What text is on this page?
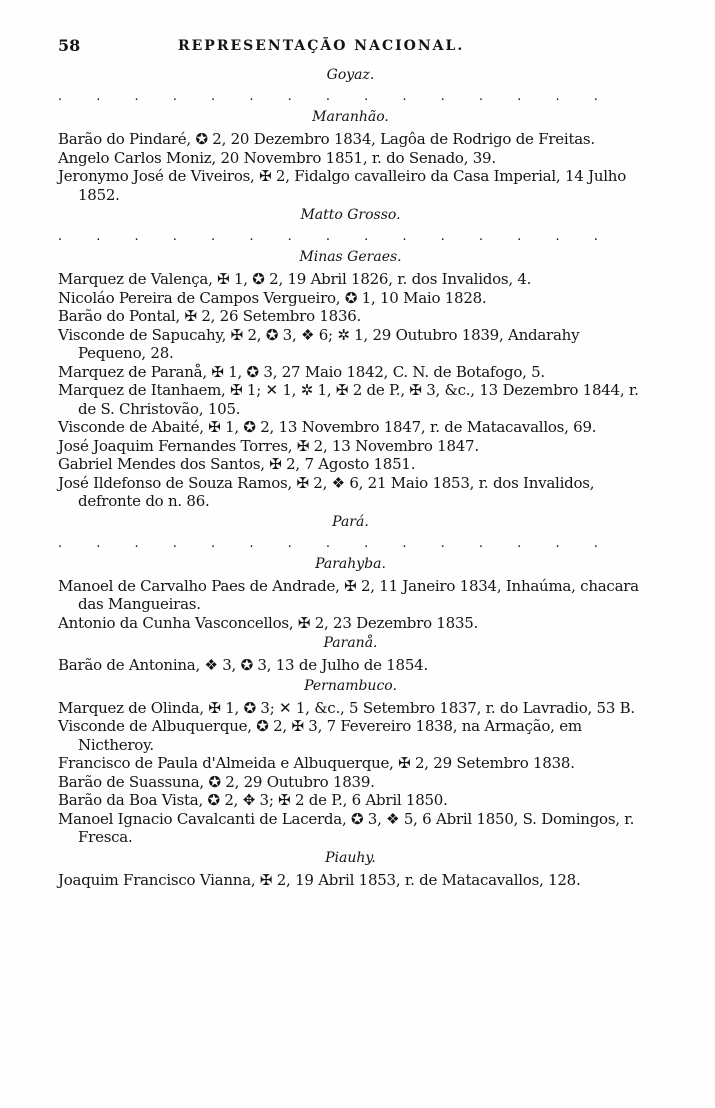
58	REPRESENTAÇÃO NACIONAL.
Goyaz.
. . . . . . . . . . . . . . .
Maranhão.
Barão do Pindaré, ✪ 2, 20 Dezembro 1834, Lagôa de Rodrigo de Freitas.
Angelo Carlos Moniz, 20 Novembro 1851, r. do Senado, 39.
Jeronymo José de Viveiros, ✠ 2, Fidalgo cavalleiro da Casa Imperial, 14 Julho 1852.
Matto Grosso.
. . . . . . . . . . . . . . .
Minas Geraes.
Marquez de Valença, ✠ 1, ✪ 2, 19 Abril 1826, r. dos Invalidos, 4.
Nicoláo Pereira de Campos Vergueiro, ✪ 1, 10 Maio 1828.
Barão do Pontal, ✠ 2, 26 Setembro 1836.
Visconde de Sapucahy, ✠ 2, ✪ 3, ❖ 6; ✲ 1, 29 Outubro 1839, Andarahy Pequeno, 28.
Marquez de Paranå, ✠ 1, ✪ 3, 27 Maio 1842, C. N. de Botafogo, 5.
Marquez de Itanhaem, ✠ 1; ✕ 1, ✲ 1, ✠ 2 de P., ✠ 3, &c., 13 Dezembro 1844, r. de S. Christovão, 105.
Visconde de Abaité, ✠ 1, ✪ 2, 13 Novembro 1847, r. de Matacavallos, 69.
José Joaquim Fernandes Torres, ✠ 2, 13 Novembro 1847.
Gabriel Mendes dos Santos, ✠ 2, 7 Agosto 1851.
José Ildefonso de Souza Ramos, ✠ 2, ❖ 6, 21 Maio 1853, r. dos Invalidos, defronte do n. 86.
Pará.
. . . . . . . . . . . . . . .
Parahyba.
Manoel de Carvalho Paes de Andrade, ✠ 2, 11 Janeiro 1834, Inhaúma, chacara das Mangueiras.
Antonio da Cunha Vasconcellos, ✠ 2, 23 Dezembro 1835.
Paranå.
Barão de Antonina, ❖ 3, ✪ 3, 13 de Julho de 1854.
Pernambuco.
Marquez de Olinda, ✠ 1, ✪ 3; ✕ 1, &c., 5 Setembro 1837, r. do Lavradio, 53 B.
Visconde de Albuquerque, ✪ 2, ✠ 3, 7 Fevereiro 1838, na Armação, em Nictheroy.
Francisco de Paula d'Almeida e Albuquerque, ✠ 2, 29 Setembro 1838.
Barão de Suassuna, ✪ 2, 29 Outubro 1839.
Barão da Boa Vista, ✪ 2, ✥ 3; ✠ 2 de P., 6 Abril 1850.
Manoel Ignacio Cavalcanti de Lacerda, ✪ 3, ❖ 5, 6 Abril 1850, S. Domingos, r. Fresca.
Piauhy.
Joaquim Francisco Vianna, ✠ 2, 19 Abril 1853, r. de Matacavallos, 128.
